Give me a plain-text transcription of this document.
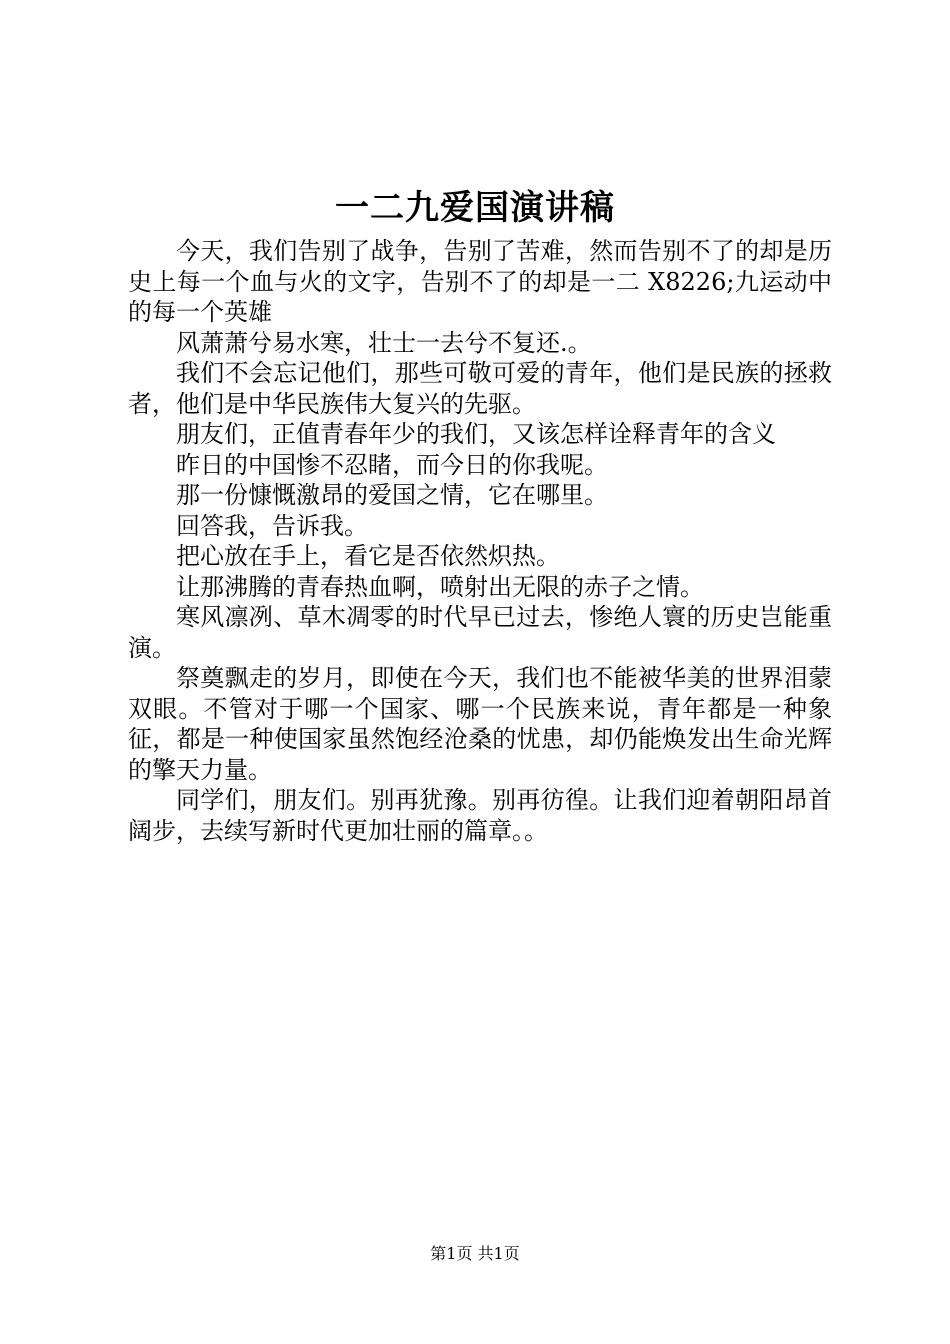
一二九爱国演讲稿

今天，我们告别了战争，告别了苦难，然而告别不了的却是历史上每一个血与火的文字，告别不了的却是一二 X8226;九运动中的每一个英雄

风萧萧兮易水寒，壮士一去兮不复还.。

我们不会忘记他们，那些可敬可爱的青年，他们是民族的拯救者，他们是中华民族伟大复兴的先驱。

朋友们，正值青春年少的我们，又该怎样诠释青年的含义

昨日的中国惨不忍睹，而今日的你我呢。

那一份慷慨激昂的爱国之情，它在哪里。

回答我，告诉我。

把心放在手上，看它是否依然炽热。

让那沸腾的青春热血啊，喷射出无限的赤子之情。

寒风凛冽、草木凋零的时代早已过去，惨绝人寰的历史岂能重演。

祭奠飘走的岁月，即使在今天，我们也不能被华美的世界泪蒙双眼。不管对于哪一个国家、哪一个民族来说，青年都是一种象征，都是一种使国家虽然饱经沧桑的忧患，却仍能焕发出生命光辉的擎天力量。

同学们，朋友们。别再犹豫。别再彷徨。让我们迎着朝阳昂首阔步，去续写新时代更加壮丽的篇章。。

第1页 共1页
